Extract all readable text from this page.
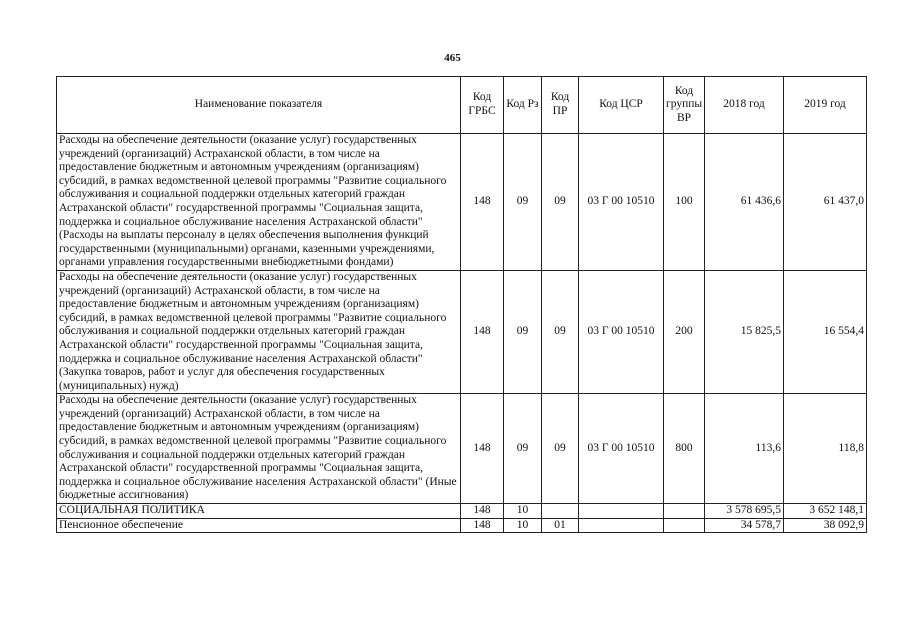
465
Наименование показателя	Код ГРБС	Код Рз	Код ПР	Код ЦСР	Код группы ВР	2018 год	2019 год
Расходы на обеспечение деятельности (оказание услуг) государственных учреждений (организаций) Астраханской области, в том числе на предоставление бюджетным и автономным учреждениям (организациям) субсидий, в рамках ведомственной целевой программы "Развитие социального обслуживания и социальной поддержки отдельных категорий граждан Астраханской области" государственной программы "Социальная защита, поддержка и социальное обслуживание населения Астраханской области" (Расходы на выплаты персоналу в целях обеспечения выполнения функций государственными (муниципальными) органами, казенными учреждениями, органами управления государственными внебюджетными фондами)	148	09	09	03 Г 00 10510	100	61 436,6	61 437,0
Расходы на обеспечение деятельности (оказание услуг) государственных учреждений (организаций) Астраханской области, в том числе на предоставление бюджетным и автономным учреждениям (организациям) субсидий, в рамках ведомственной целевой программы "Развитие социального обслуживания и социальной поддержки отдельных категорий граждан Астраханской области" государственной программы "Социальная защита, поддержка и социальное обслуживание населения Астраханской области" (Закупка товаров, работ и услуг для обеспечения государственных (муниципальных) нужд)	148	09	09	03 Г 00 10510	200	15 825,5	16 554,4
Расходы на обеспечение деятельности (оказание услуг) государственных учреждений (организаций) Астраханской области, в том числе на предоставление бюджетным и автономным учреждениям (организациям) субсидий, в рамках ведомственной целевой программы "Развитие социального обслуживания и социальной поддержки отдельных категорий граждан Астраханской области" государственной программы "Социальная защита, поддержка и социальное обслуживание населения Астраханской области" (Иные бюджетные ассигнования)	148	09	09	03 Г 00 10510	800	113,6	118,8
СОЦИАЛЬНАЯ ПОЛИТИКА	148	10				3 578 695,5	3 652 148,1
Пенсионное обеспечение	148	10	01			34 578,7	38 092,9
